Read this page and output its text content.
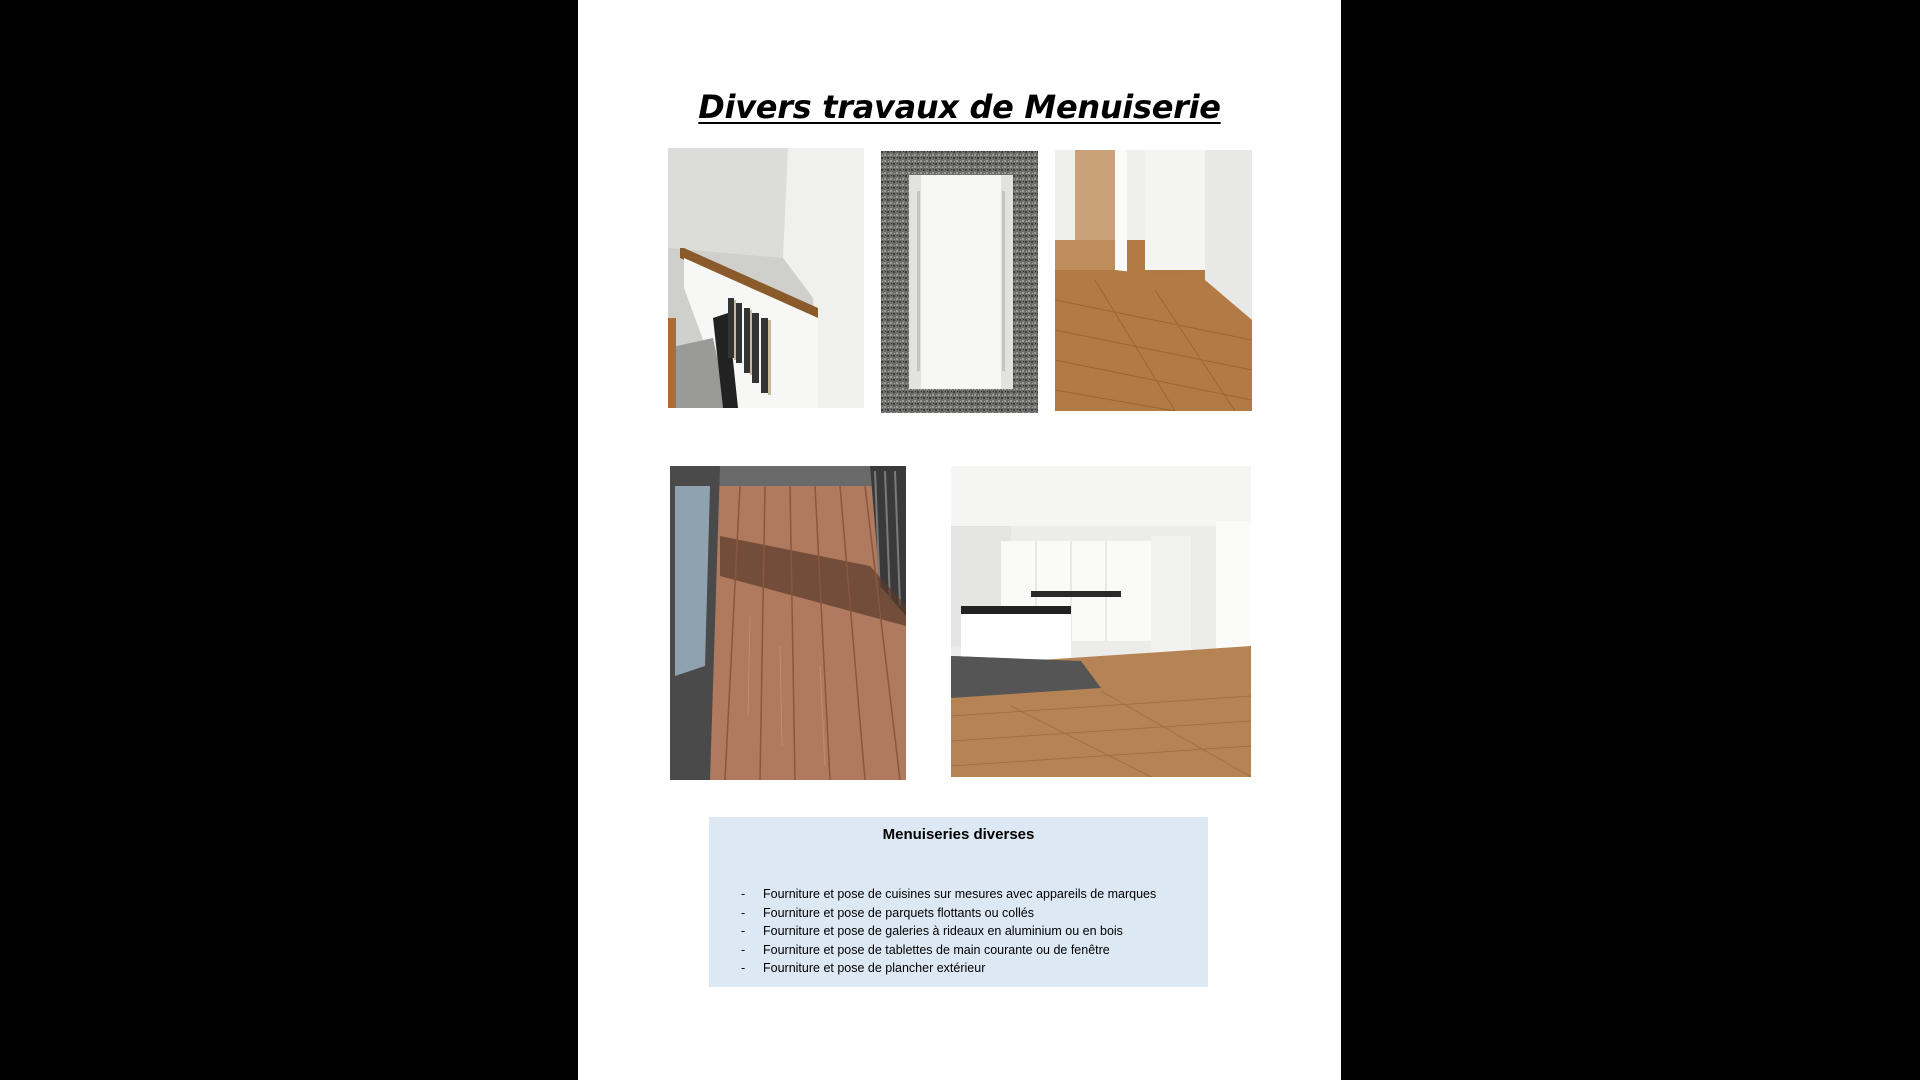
Divers travaux de Menuiserie
Menuiseries diverses
- Fourniture et pose de cuisines sur mesures avec appareils de marques
- Fourniture et pose de parquets flottants ou collés
- Fourniture et pose de galeries à rideaux en aluminium ou en bois
- Fourniture et pose de tablettes de main courante ou de fenêtre
- Fourniture et pose de plancher extérieur
